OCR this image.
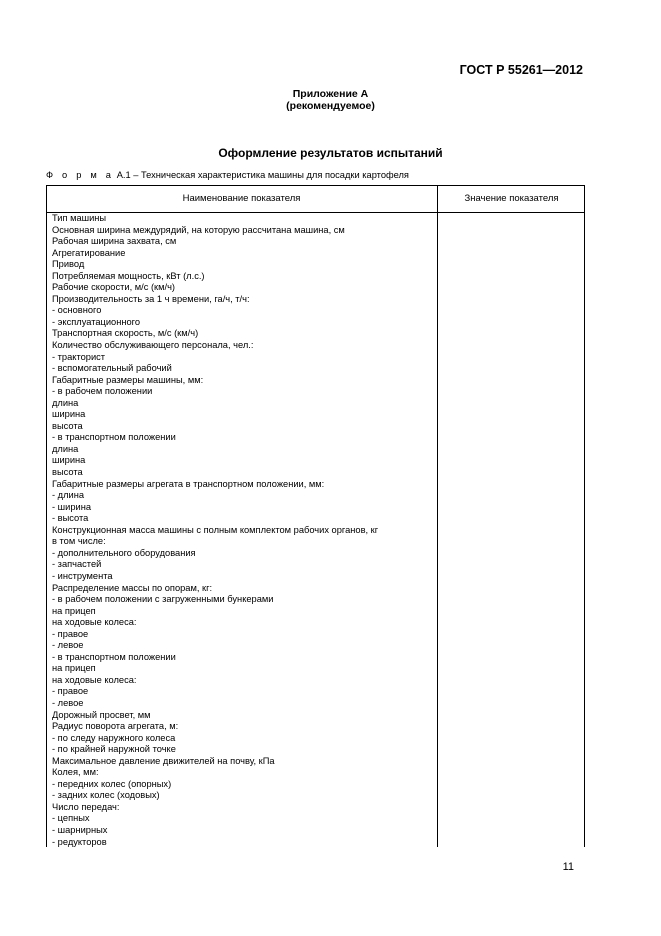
ГОСТ Р 55261—2012
Приложение А
(рекомендуемое)
Оформление результатов испытаний
Ф о р м а А.1 – Техническая характеристика машины для посадки картофеля
Наименование показателя	Значение показателя
Тип машины
Основная ширина междурядий, на которую рассчитана машина, см
Рабочая ширина захвата, см
Агрегатирование
Привод
Потребляемая мощность, кВт (л.с.)
Рабочие скорости, м/с (км/ч)
Производительность за 1 ч времени, га/ч, т/ч:
- основного
- эксплуатационного
Транспортная скорость, м/с (км/ч)
Количество обслуживающего персонала, чел.:
- тракторист
- вспомогательный рабочий
Габаритные размеры машины, мм:
- в рабочем положении
длина
ширина
высота
- в транспортном положении
длина
ширина
высота
Габаритные размеры агрегата в транспортном положении, мм:
- длина
- ширина
- высота
Конструкционная масса машины с полным комплектом рабочих органов, кг
в том числе:
- дополнительного оборудования
- запчастей
- инструмента
Распределение массы по опорам, кг:
- в рабочем положении с загруженными бункерами
на прицеп
на ходовые колеса:
- правое
- левое
- в транспортном положении
на прицеп
на ходовые колеса:
- правое
- левое
Дорожный просвет, мм
Радиус поворота агрегата, м:
- по следу наружного колеса
- по крайней наружной точке
Максимальное давление движителей на почву, кПа
Колея, мм:
- передних колес (опорных)
- задних колес (ходовых)
Число передач:
- цепных
- шарнирных
- редукторов
11
